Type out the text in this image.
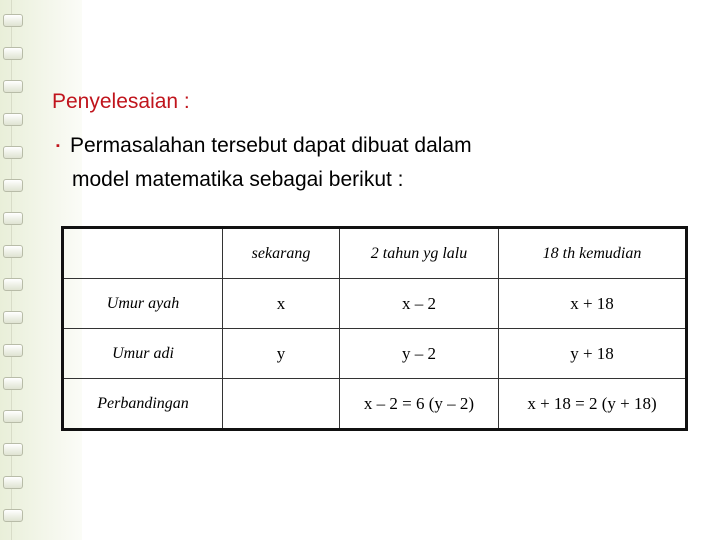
Penyelesaian :
▪ Permasalahan tersebut dapat dibuat dalam
model matematika sebagai berikut :
	sekarang	2 tahun yg lalu	18 th kemudian
Umur ayah	x	x – 2	x + 18
Umur adi	y	y – 2	y + 18
Perbandingan		x – 2 = 6 (y – 2)	x + 18 = 2 (y + 18)
